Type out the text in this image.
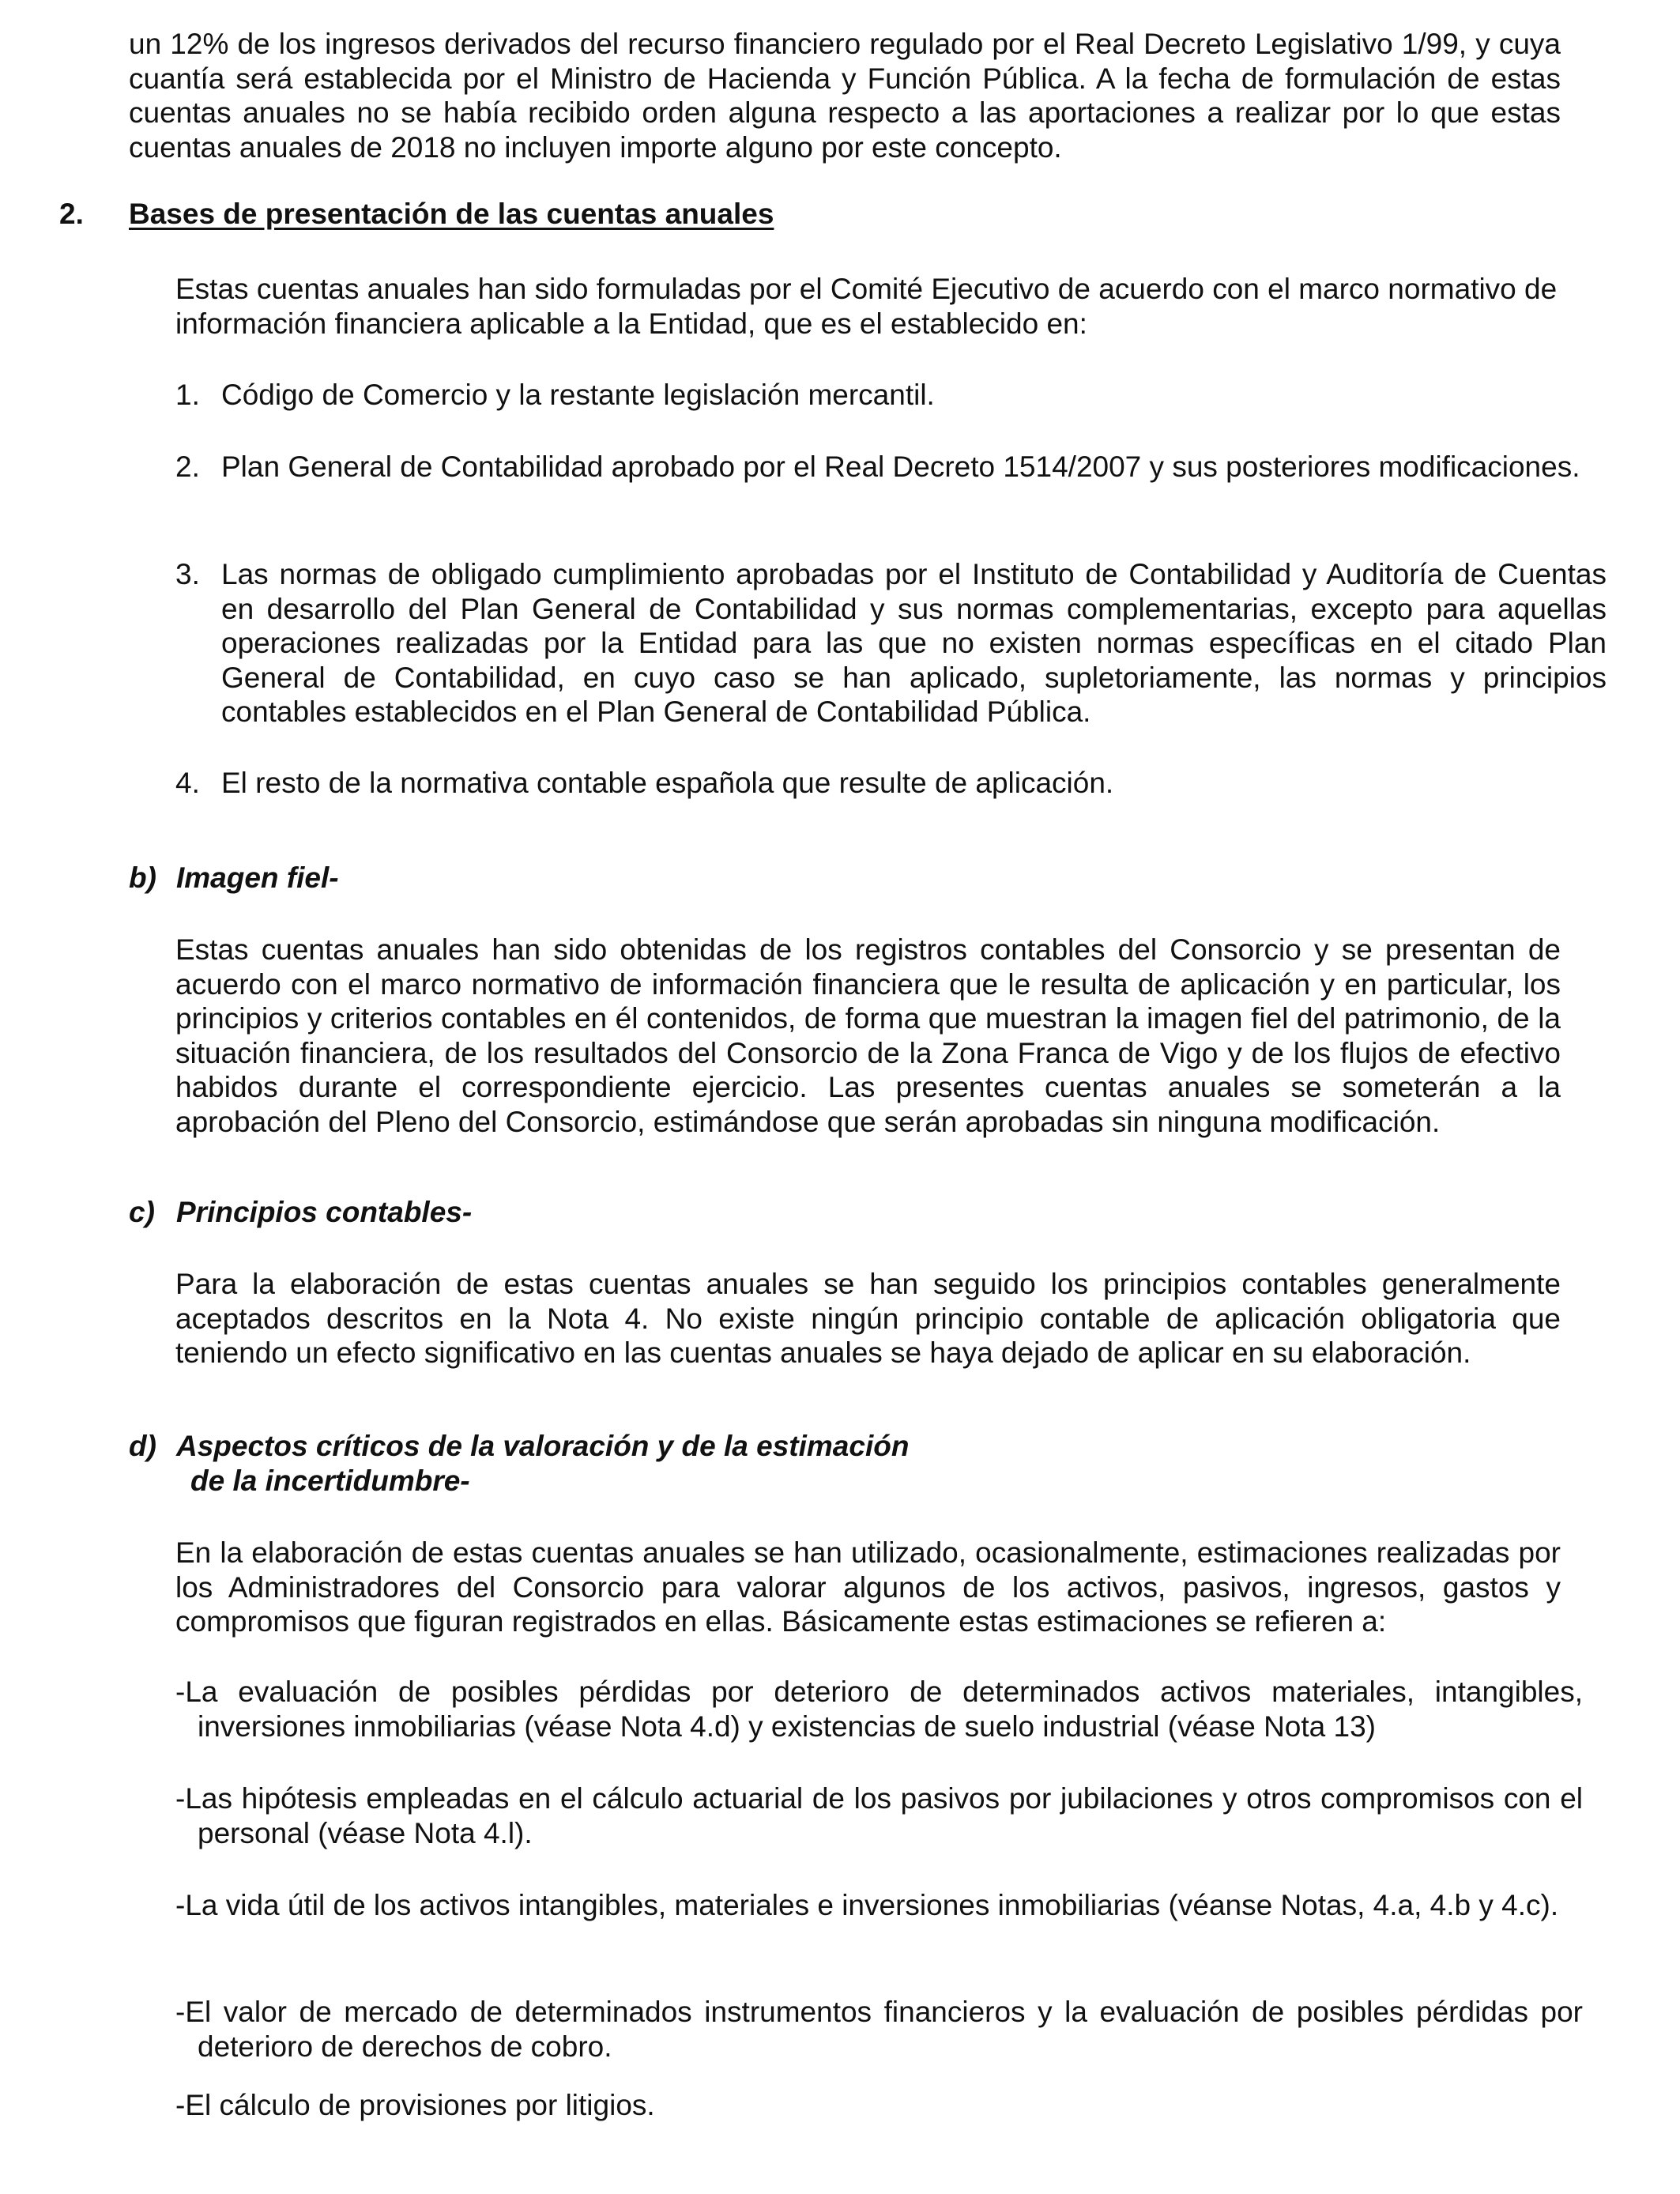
un 12% de los ingresos derivados del recurso financiero regulado por el Real Decreto Legislativo 1/99, y cuya cuantía será establecida por el Ministro de Hacienda y Función Pública. A la fecha de formulación de estas cuentas anuales no se había recibido orden alguna respecto a las aportaciones a realizar por lo que estas cuentas anuales de 2018 no incluyen importe alguno por este concepto.

2. Bases de presentación de las cuentas anuales

Estas cuentas anuales han sido formuladas por el Comité Ejecutivo de acuerdo con el marco normativo de información financiera aplicable a la Entidad, que es el establecido en:

1. Código de Comercio y la restante legislación mercantil.
2. Plan General de Contabilidad aprobado por el Real Decreto 1514/2007 y sus posteriores modificaciones.
3. Las normas de obligado cumplimiento aprobadas por el Instituto de Contabilidad y Auditoría de Cuentas en desarrollo del Plan General de Contabilidad y sus normas complementarias, excepto para aquellas operaciones realizadas por la Entidad para las que no existen normas específicas en el citado Plan General de Contabilidad, en cuyo caso se han aplicado, supletoriamente, las normas y principios contables establecidos en el Plan General de Contabilidad Pública.
4. El resto de la normativa contable española que resulte de aplicación.
b) Imagen fiel-

Estas cuentas anuales han sido obtenidas de los registros contables del Consorcio y se presentan de acuerdo con el marco normativo de información financiera que le resulta de aplicación y en particular, los principios y criterios contables en él contenidos, de forma que muestran la imagen fiel del patrimonio, de la situación financiera, de los resultados del Consorcio de la Zona Franca de Vigo y de los flujos de efectivo habidos durante el correspondiente ejercicio. Las presentes cuentas anuales se someterán a la aprobación del Pleno del Consorcio, estimándose que serán aprobadas sin ninguna modificación.

c) Principios contables-

Para la elaboración de estas cuentas anuales se han seguido los principios contables generalmente aceptados descritos en la Nota 4. No existe ningún principio contable de aplicación obligatoria que teniendo un efecto significativo en las cuentas anuales se haya dejado de aplicar en su elaboración.

d) Aspectos críticos de la valoración y de la estimación
de la incertidumbre-

En la elaboración de estas cuentas anuales se han utilizado, ocasionalmente, estimaciones realizadas por los Administradores del Consorcio para valorar algunos de los activos, pasivos, ingresos, gastos y compromisos que figuran registrados en ellas. Básicamente estas estimaciones se refieren a:

-La evaluación de posibles pérdidas por deterioro de determinados activos materiales, intangibles, inversiones inmobiliarias (véase Nota 4.d) y existencias de suelo industrial (véase Nota 13)
-Las hipótesis empleadas en el cálculo actuarial de los pasivos por jubilaciones y otros compromisos con el personal (véase Nota 4.l).
-La vida útil de los activos intangibles, materiales e inversiones inmobiliarias (véanse Notas, 4.a, 4.b y 4.c).
-El valor de mercado de determinados instrumentos financieros y la evaluación de posibles pérdidas por deterioro de derechos de cobro.
-El cálculo de provisiones por litigios.
